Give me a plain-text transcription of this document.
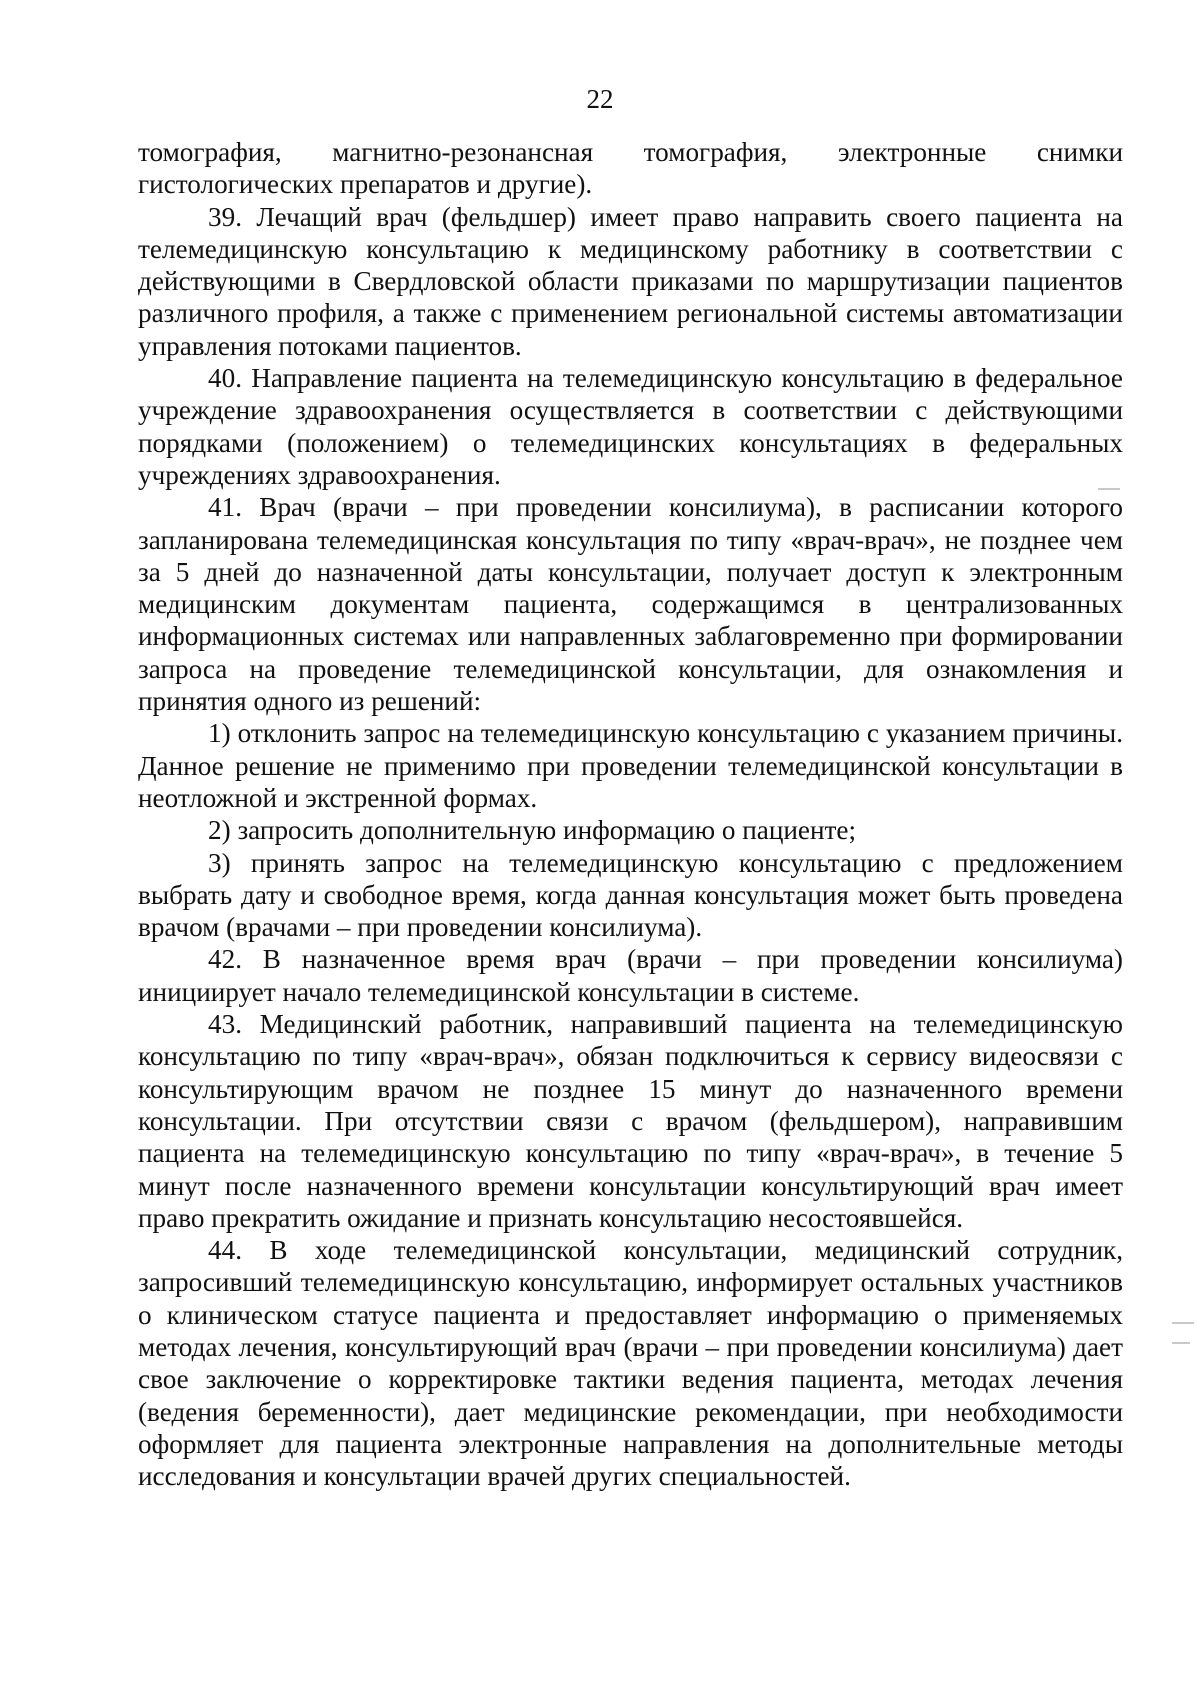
22

томография, магнитно-резонансная томография, электронные снимки гистологических препаратов и другие).

39. Лечащий врач (фельдшер) имеет право направить своего пациента на телемедицинскую консультацию к медицинскому работнику в соответствии с действующими в Свердловской области приказами по маршрутизации пациентов различного профиля, а также с применением региональной системы автоматизации управления потоками пациентов.

40. Направление пациента на телемедицинскую консультацию в федеральное учреждение здравоохранения осуществляется в соответствии с действующими порядками (положением) о телемедицинских консультациях в федеральных учреждениях здравоохранения.

41. Врач (врачи – при проведении консилиума), в расписании которого запланирована телемедицинская консультация по типу «врач-врач», не позднее чем за 5 дней до назначенной даты консультации, получает доступ к электронным медицинским документам пациента, содержащимся в централизованных информационных системах или направленных заблаговременно при формировании запроса на проведение телемедицинской консультации, для ознакомления и принятия одного из решений:

1) отклонить запрос на телемедицинскую консультацию с указанием причины. Данное решение не применимо при проведении телемедицинской консультации в неотложной и экстренной формах.

2) запросить дополнительную информацию о пациенте;

3) принять запрос на телемедицинскую консультацию с предложением выбрать дату и свободное время, когда данная консультация может быть проведена врачом (врачами – при проведении консилиума).

42. В назначенное время врач (врачи – при проведении консилиума) инициирует начало телемедицинской консультации в системе.

43. Медицинский работник, направивший пациента на телемедицинскую консультацию по типу «врач-врач», обязан подключиться к сервису видеосвязи с консультирующим врачом не позднее 15 минут до назначенного времени консультации. При отсутствии связи с врачом (фельдшером), направившим пациента на телемедицинскую консультацию по типу «врач-врач», в течение 5 минут после назначенного времени консультации консультирующий врач имеет право прекратить ожидание и признать консультацию несостоявшейся.

44. В ходе телемедицинской консультации, медицинский сотрудник, запросивший телемедицинскую консультацию, информирует остальных участников о клиническом статусе пациента и предоставляет информацию о применяемых методах лечения, консультирующий врач (врачи – при проведении консилиума) дает свое заключение о корректировке тактики ведения пациента, методах лечения (ведения беременности), дает медицинские рекомендации, при необходимости оформляет для пациента электронные направления на дополнительные методы исследования и консультации врачей других специальностей.
